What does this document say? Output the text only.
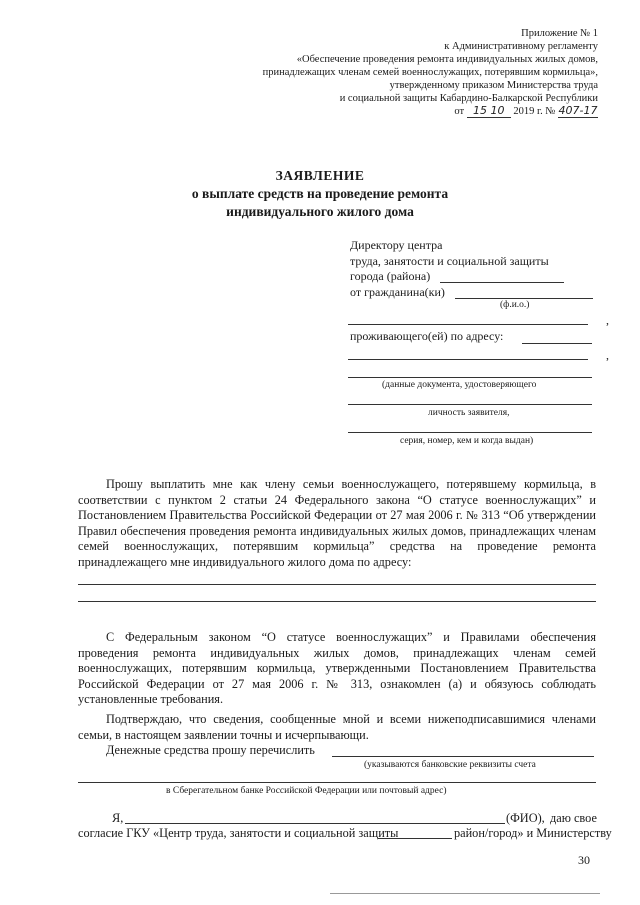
Приложение № 1
к Административному регламенту
«Обеспечение проведения ремонта индивидуальных жилых домов,
принадлежащих членам семей военнослужащих, потерявшим кормильца»,
утвержденному приказом Министерства труда
и социальной защиты Кабардино-Балкарской Республики
от 15 10 2019 г. № 407-17
ЗАЯВЛЕНИЕ
о выплате средств на проведение ремонта
индивидуального жилого дома
Директору центра
труда, занятости и социальной защиты
города (района)
от гражданина(ки)
(ф.и.о.)
,
проживающего(ей) по адресу:
,
(данные документа, удостоверяющего
личность заявителя,
серия, номер, кем и когда выдан)
Прошу выплатить мне как члену семьи военнослужащего, потерявшему кормильца, в соответствии с пунктом 2 статьи 24 Федерального закона “О статусе военнослужащих” и Постановлением Правительства Российской Федерации от 27 мая 2006 г. № 313 “Об утверждении Правил обеспечения проведения ремонта индивидуальных жилых домов, принадлежащих членам семей военнослужащих, потерявшим кормильца” средства на проведение ремонта принадлежащего мне индивидуального жилого дома по адресу:
С Федеральным законом “О статусе военнослужащих” и Правилами обеспечения проведения ремонта индивидуальных жилых домов, принадлежащих членам семей военнослужащих, потерявшим кормильца, утвержденными Постановлением Правительства Российской Федерации от 27 мая 2006 г. № 313, ознакомлен (а) и обязуюсь соблюдать установленные требования.
Подтверждаю, что сведения, сообщенные мной и всеми нижеподписавшимися членами семьи, в настоящем заявлении точны и исчерпывающи.
Денежные средства прошу перечислить
(указываются банковские реквизиты счета
в Сберегательном банке Российской Федерации или почтовый адрес)
Я,	(ФИО), даю свое
согласие ГКУ «Центр труда, занятости и социальной защиты	район/город» и Министерству
30
